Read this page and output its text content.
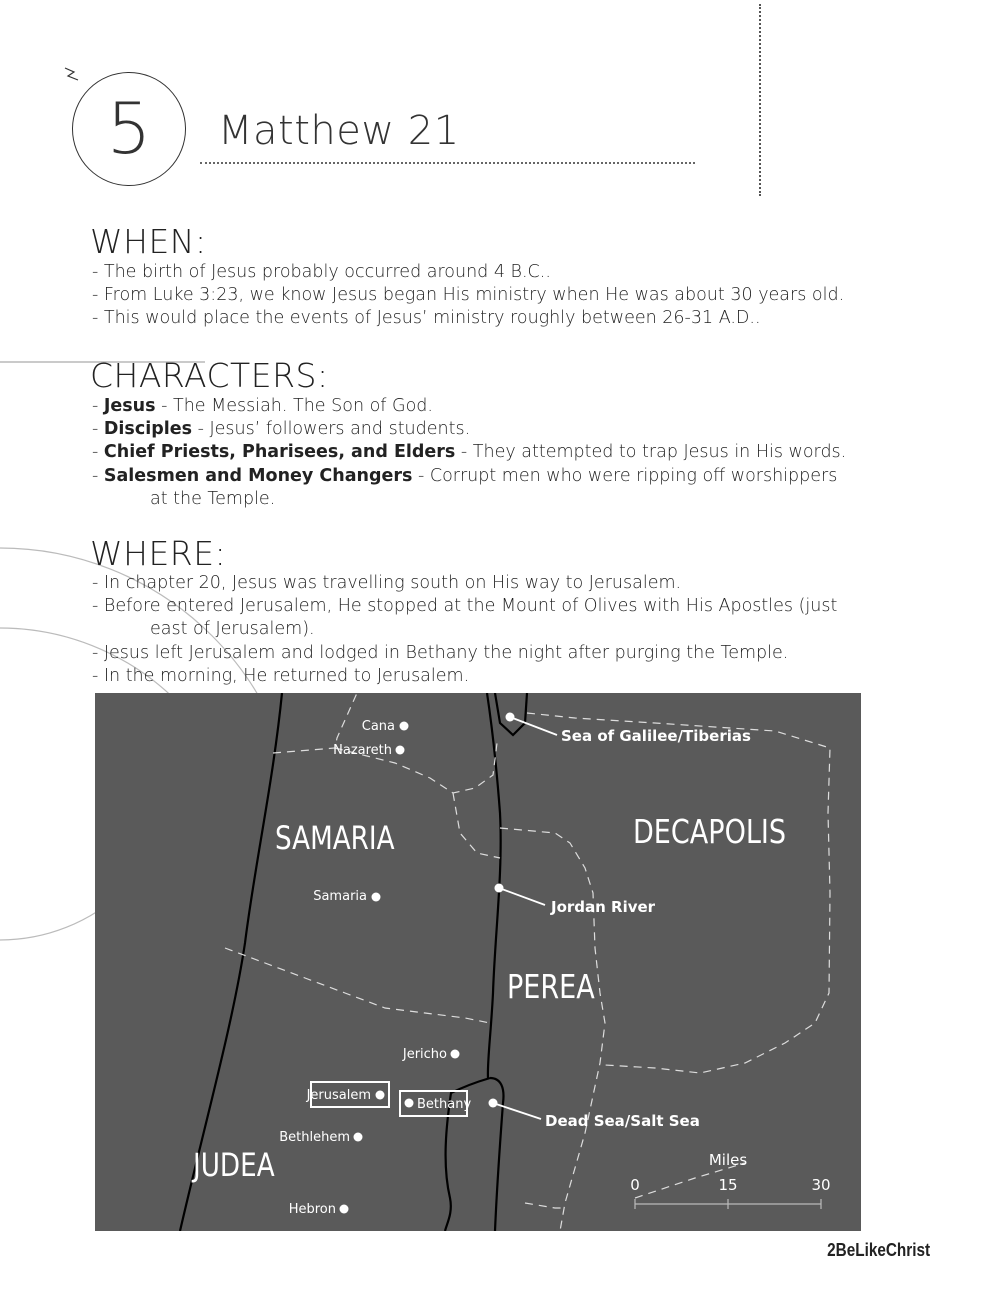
5 Matthew 21
WHEN:
- The birth of Jesus probably occurred around 4 B.C..
- From Luke 3:23, we know Jesus began His ministry when He was about 30 years old.
- This would place the events of Jesus’ ministry roughly between 26-31 A.D..
CHARACTERS:
- Jesus - The Messiah. The Son of God.
- Disciples - Jesus’ followers and students.
- Chief Priests, Pharisees, and Elders - They attempted to trap Jesus in His words.
- Salesmen and Money Changers - Corrupt men who were ripping off worshippers
at the Temple.
WHERE:
- In chapter 20, Jesus was travelling south on His way to Jerusalem.
- Before entered Jerusalem, He stopped at the Mount of Olives with His Apostles (just
east of Jerusalem).
- Jesus left Jerusalem and lodged in Bethany the night after purging the Temple.
- In the morning, He returned to Jerusalem.
SAMARIA	DECAPOLIS
PEREA
JUDEA
Cana
Nazareth
Samaria
Jericho
Jerusalem
Bethany
Bethlehem
Hebron
Sea of Galilee/Tiberias
Jordan River
Dead Sea/Salt Sea
Miles
0	15	30
2BeLikeChrist
